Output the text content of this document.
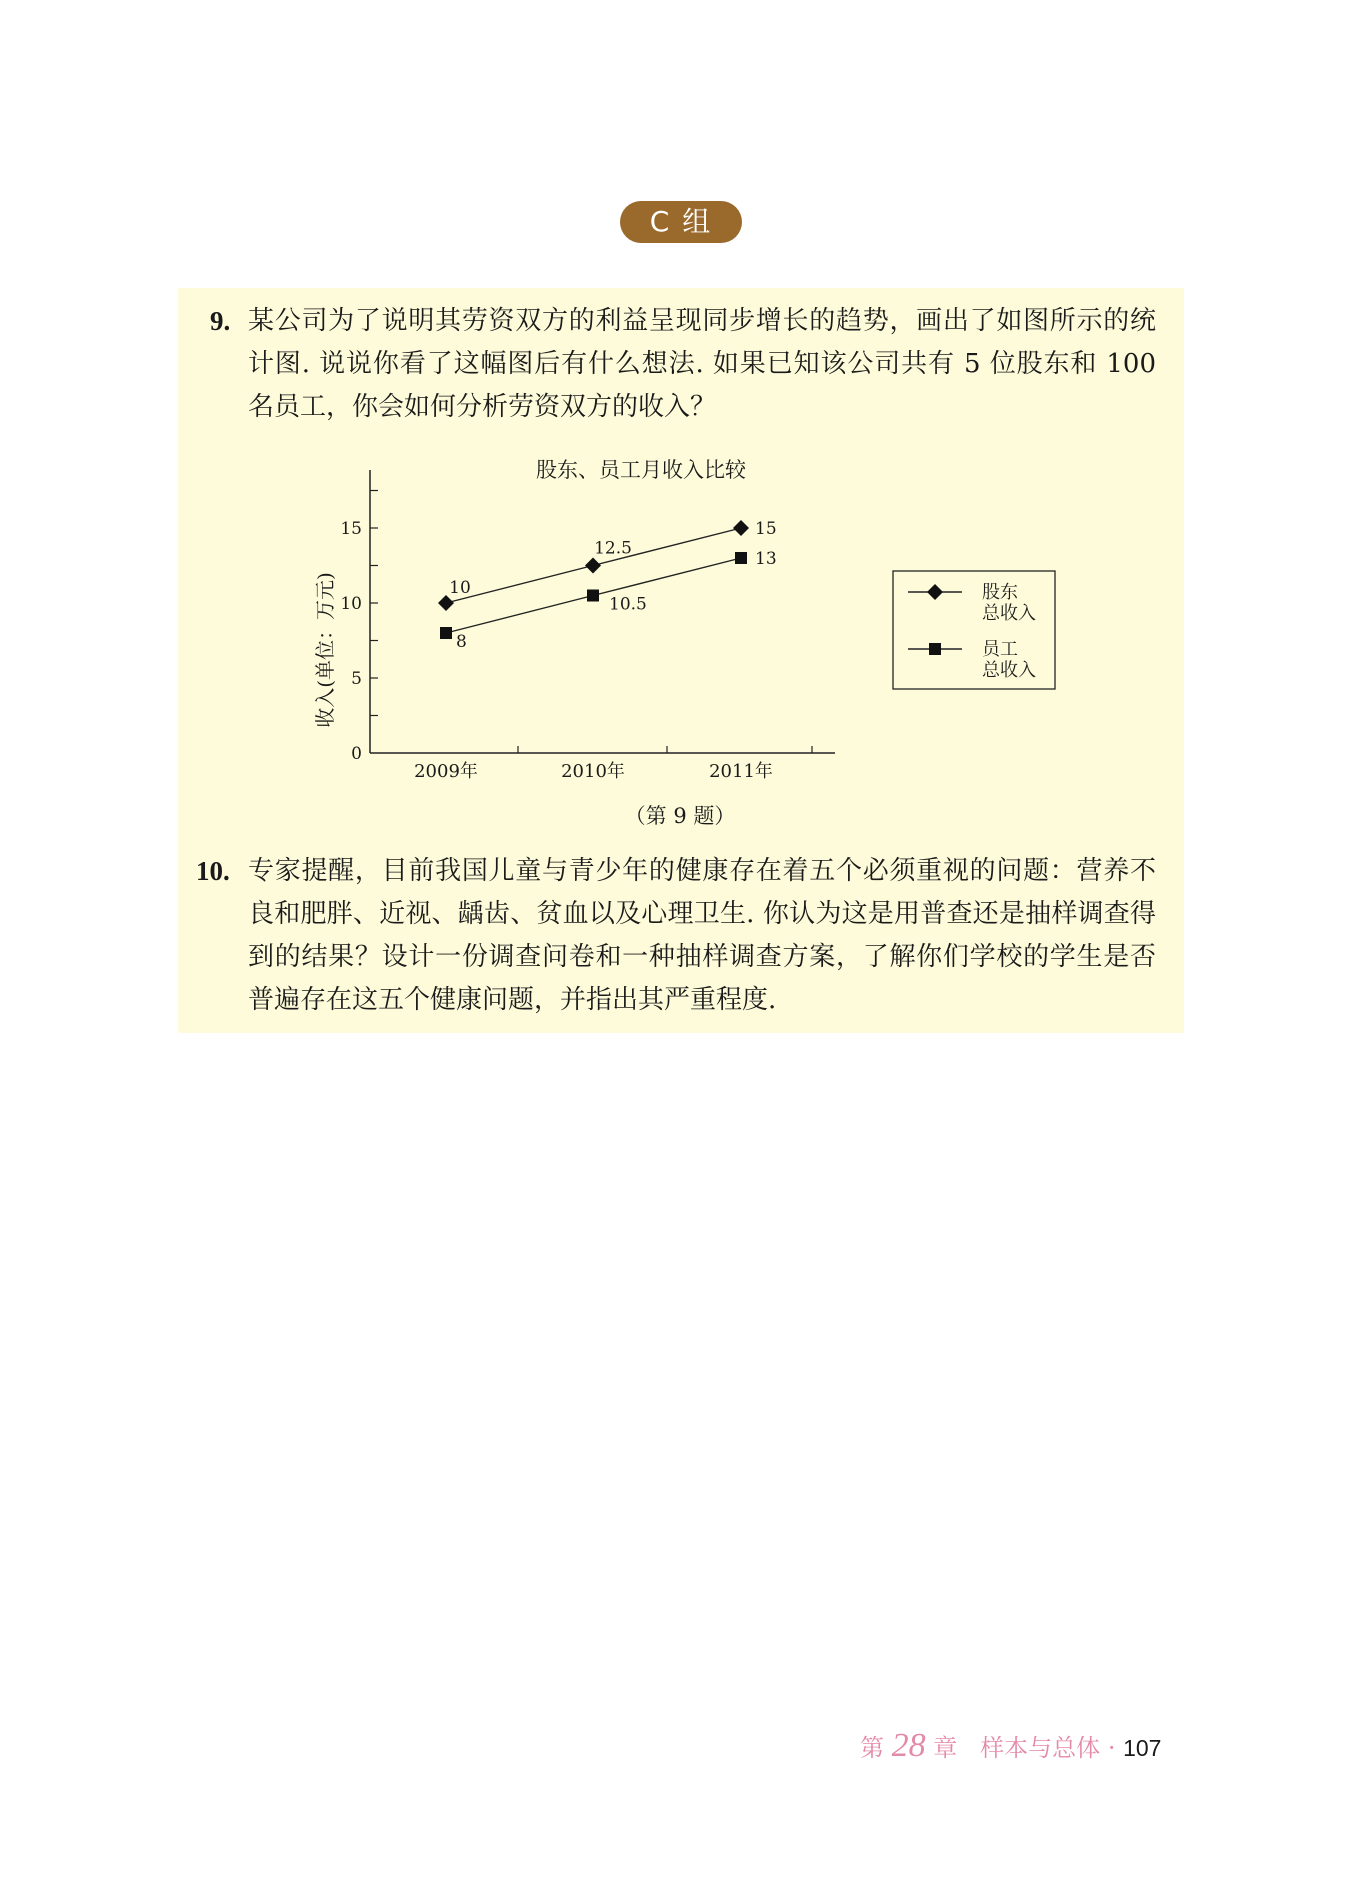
C 组
9. 某公司为了说明其劳资双方的利益呈现同步增长的趋势，画出了如图所示的统计图. 说说你看了这幅图后有什么想法. 如果已知该公司共有 5 位股东和 100 名员工，你会如何分析劳资双方的收入？
股东、员工月收入比较
收入(单位：万元)
0
5
10
15
2009年	2010年	2011年
10
12.5
15
8
10.5
13
股东
总收入
员工
总收入
（第 9 题）
10. 专家提醒，目前我国儿童与青少年的健康存在着五个必须重视的问题：营养不良和肥胖、近视、龋齿、贫血以及心理卫生. 你认为这是用普查还是抽样调查得到的结果？设计一份调查问卷和一种抽样调查方案，了解你们学校的学生是否普遍存在这五个健康问题，并指出其严重程度.
第 28 章 样本与总体 · 107
